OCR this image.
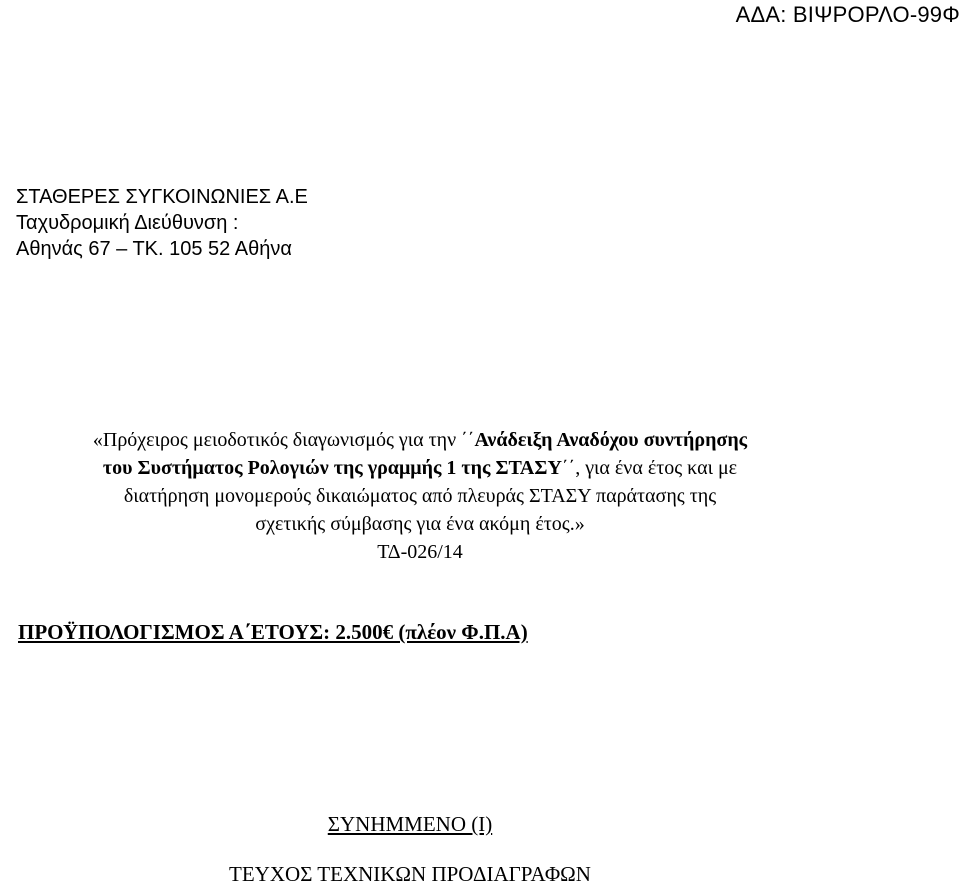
ΑΔΑ: ΒΙΨΡΟΡΛΟ-99Φ
ΣΤΑΘΕΡΕΣ ΣΥΓΚΟΙΝΩΝΙΕΣ Α.Ε
Ταχυδρομική Διεύθυνση :
Αθηνάς 67 – ΤΚ. 105 52 Αθήνα
«Πρόχειρος μειοδοτικός διαγωνισμός για την ΄΄Ανάδειξη Αναδόχου συντήρησης
του Συστήματος Ρολογιών της γραμμής 1 της ΣΤΑΣΥ΄΄, για ένα έτος και με
διατήρηση μονομερούς δικαιώματος από πλευράς ΣΤΑΣΥ παράτασης της
σχετικής σύμβασης για ένα ακόμη έτος.»
ΤΔ-026/14
ΠΡΟΫΠΟΛΟΓΙΣΜΟΣ Α΄ΕΤΟΥΣ: 2.500€ (πλέον Φ.Π.Α)
ΣΥΝΗΜΜΕΝΟ (Ι)
ΤΕΥΧΟΣ ΤΕΧΝΙΚΩΝ ΠΡΟΔΙΑΓΡΑΦΩΝ
